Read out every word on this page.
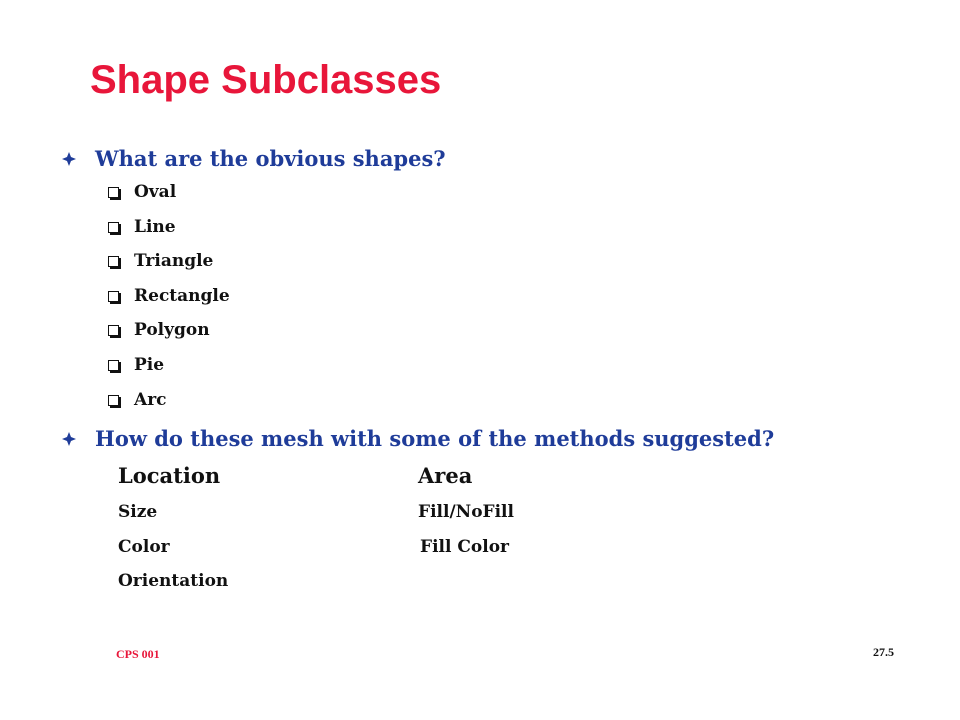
Shape Subclasses
What are the obvious shapes?
Oval
Line
Triangle
Rectangle
Polygon
Pie
Arc
How do these mesh with some of the methods suggested?
Location	Area
Size	Fill/NoFill
Color	Fill Color
Orientation
CPS 001	27.5
